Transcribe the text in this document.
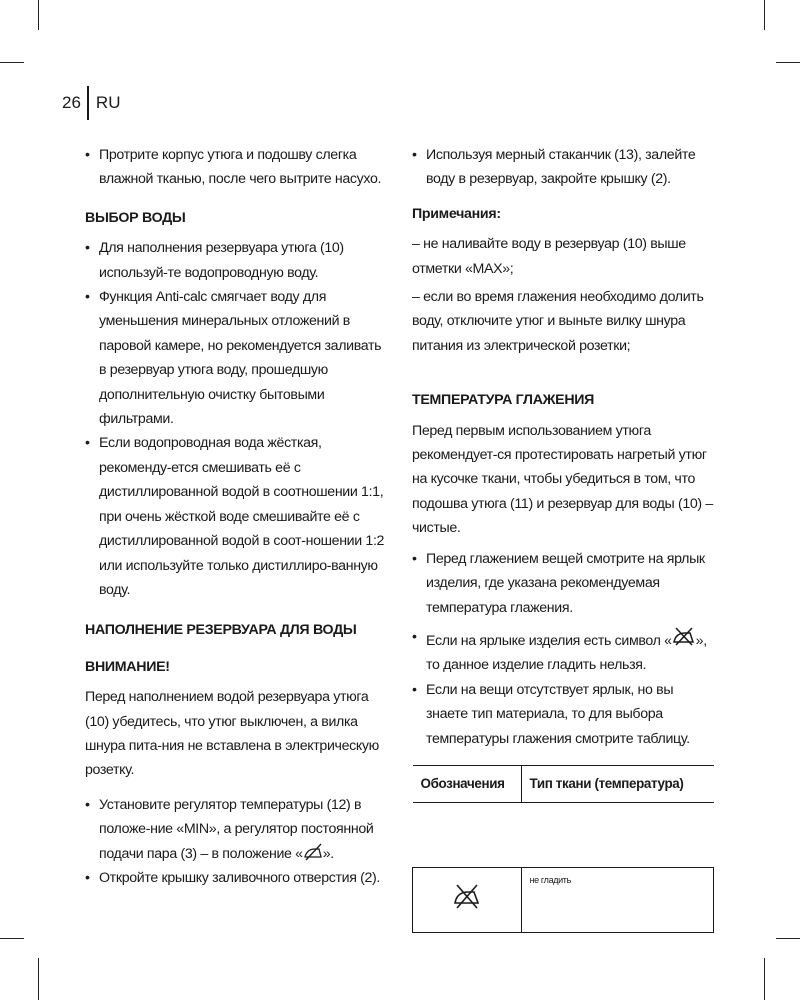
26 RU

• Протрите корпус утюга и подошву слегка влажной тканью, после чего вытрите насухо.

ВЫБОР ВОДЫ

• Для наполнения резервуара утюга (10) используй-те водопроводную воду.

• Функция Anti-calc смягчает воду для уменьшения минеральных отложений в паровой камере, но рекомендуется заливать в резервуар утюга воду, прошедшую дополнительную очистку бытовыми фильтрами.

• Если водопроводная вода жёсткая, рекоменду-ется смешивать её с дистиллированной водой в соотношении 1:1, при очень жёсткой воде смешивайте её с дистиллированной водой в соот-ношении 1:2 или используйте только дистиллиро-ванную воду.

НАПОЛНЕНИЕ РЕЗЕРВУАРА ДЛЯ ВОДЫ

ВНИМАНИЕ!

Перед наполнением водой резервуара утюга (10) убедитесь, что утюг выключен, а вилка шнура пита-ния не вставлена в электрическую розетку.

• Установите регулятор температуры (12) в положе-ние «MIN», а регулятор постоянной подачи пара (3) – в положение « ».

• Откройте крышку заливочного отверстия (2).

• Используя мерный стаканчик (13), залейте воду в резервуар, закройте крышку (2).

Примечания:

– не наливайте воду в резервуар (10) выше отметки «MAX»;

– если во время глажения необходимо долить воду, отключите утюг и выньте вилку шнура питания из электрической розетки;

ТЕМПЕРАТУРА ГЛАЖЕНИЯ

Перед первым использованием утюга рекомендует-ся протестировать нагретый утюг на кусочке ткани, чтобы убедиться в том, что подошва утюга (11) и резервуар для воды (10) – чистые.

• Перед глажением вещей смотрите на ярлык изделия, где указана рекомендуемая температура глажения.

• Если на ярлыке изделия есть символ « », то данное изделие гладить нельзя.

• Если на вещи отсутствует ярлык, но вы знаете тип материала, то для выбора температуры глажения смотрите таблицу.

Обозначения	Тип ткани (температура)

	не гладить
